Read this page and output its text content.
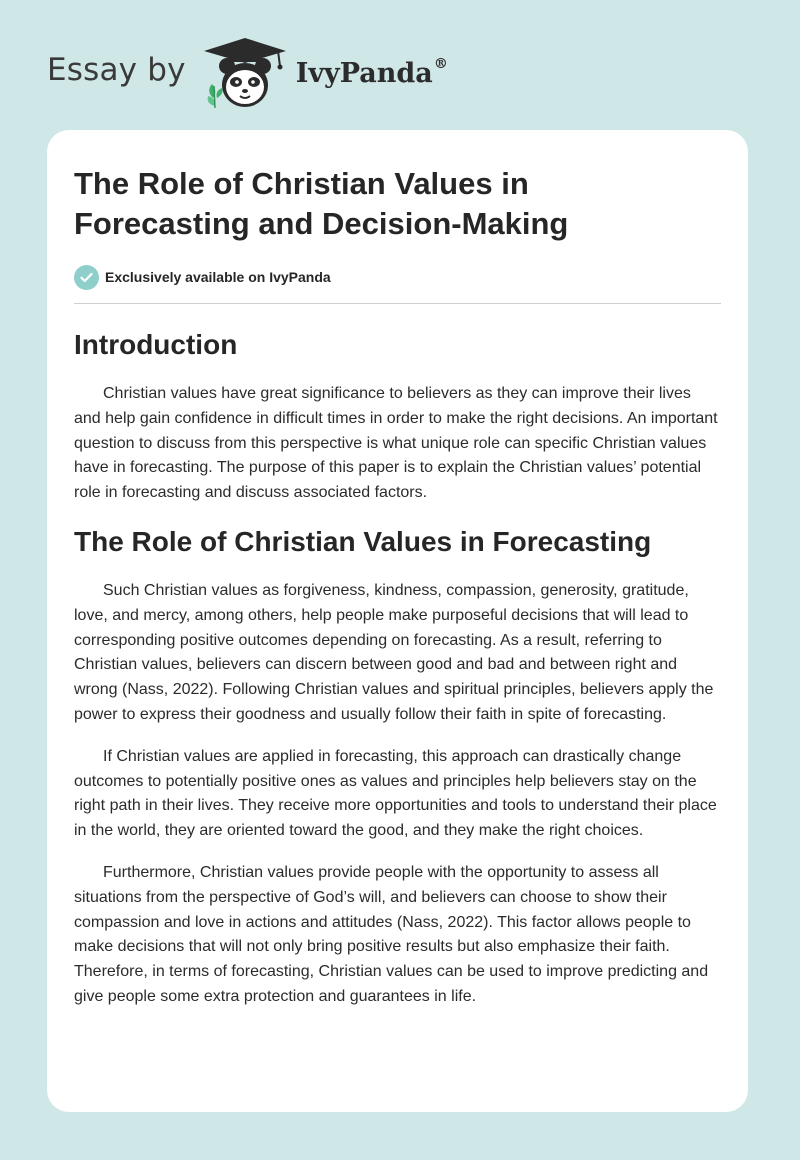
Essay by	IvyPanda®
The Role of Christian Values in
Forecasting and Decision-Making
Exclusively available on IvyPanda
Introduction

Christian values have great significance to believers as they can improve their lives and help gain confidence in difficult times in order to make the right decisions. An important question to discuss from this perspective is what unique role can specific Christian values have in forecasting. The purpose of this paper is to explain the Christian values’ potential role in forecasting and discuss associated factors.

The Role of Christian Values in Forecasting

Such Christian values as forgiveness, kindness, compassion, generosity, gratitude, love, and mercy, among others, help people make purposeful decisions that will lead to corresponding positive outcomes depending on forecasting. As a result, referring to Christian values, believers can discern between good and bad and between right and wrong (Nass, 2022). Following Christian values and spiritual principles, believers apply the power to express their goodness and usually follow their faith in spite of forecasting.

If Christian values are applied in forecasting, this approach can drastically change outcomes to potentially positive ones as values and principles help believers stay on the right path in their lives. They receive more opportunities and tools to understand their place in the world, they are oriented toward the good, and they make the right choices.

Furthermore, Christian values provide people with the opportunity to assess all situations from the perspective of God’s will, and believers can choose to show their compassion and love in actions and attitudes (Nass, 2022). This factor allows people to make decisions that will not only bring positive results but also emphasize their faith. Therefore, in terms of forecasting, Christian values can be used to improve predicting and give people some extra protection and guarantees in life.
